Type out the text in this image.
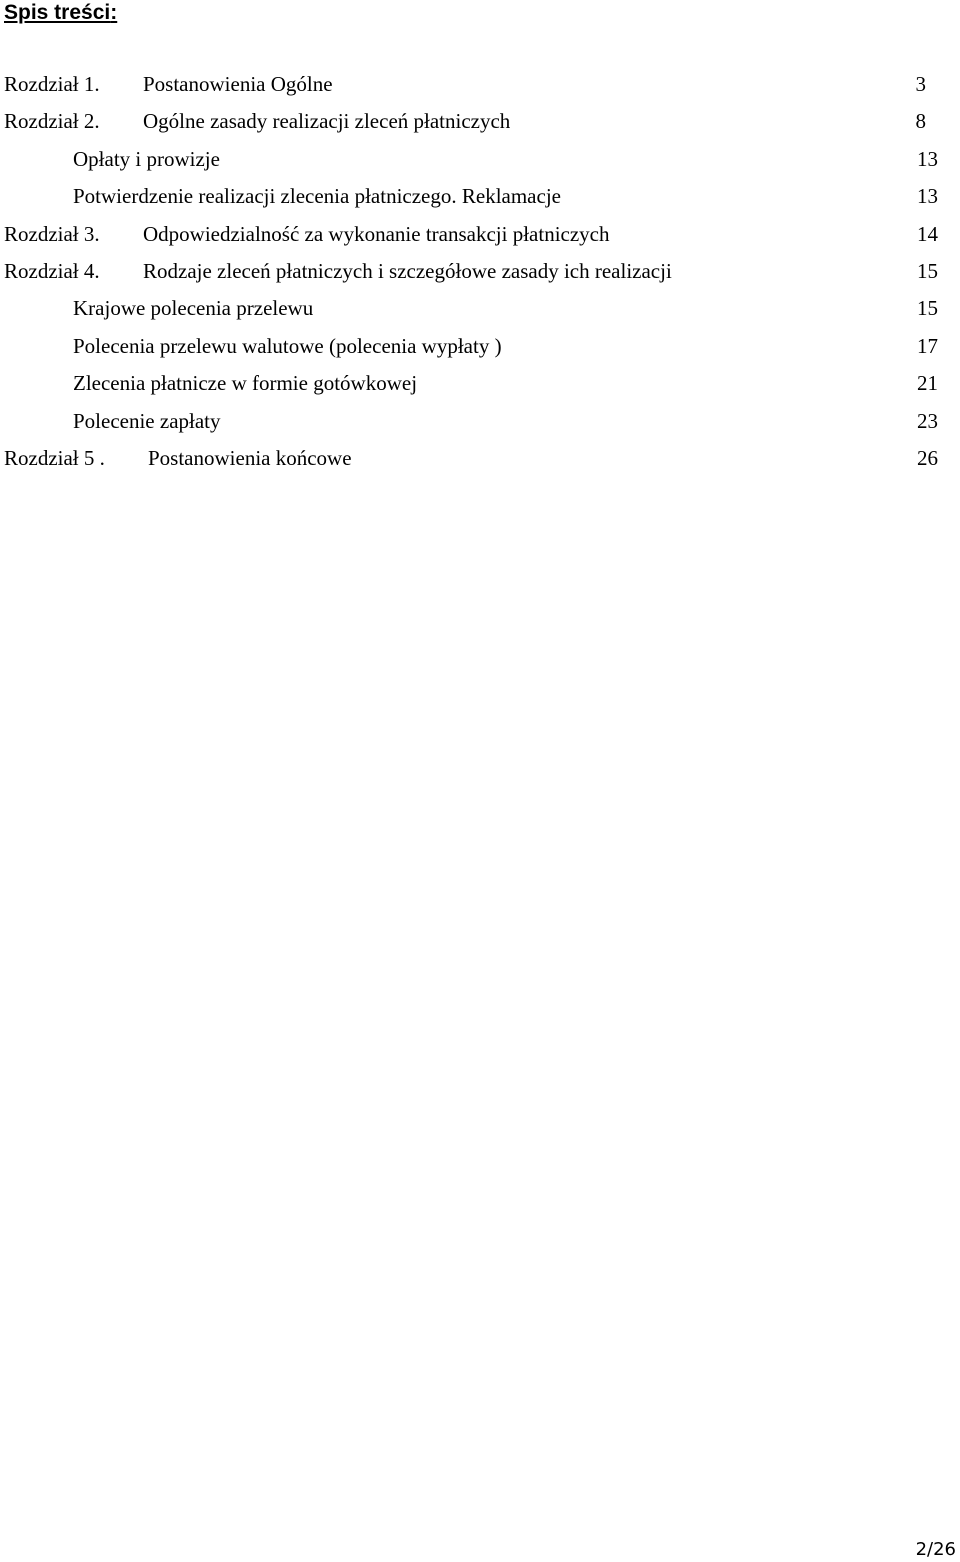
Spis treści:
Rozdział 1. Postanowienia Ogólne	3
Rozdział 2. Ogólne zasady realizacji zleceń płatniczych	8
Opłaty i prowizje	13
Potwierdzenie realizacji zlecenia płatniczego. Reklamacje	13
Rozdział 3. Odpowiedzialność za wykonanie transakcji płatniczych	14
Rozdział 4. Rodzaje zleceń płatniczych i szczegółowe zasady ich realizacji	15
Krajowe polecenia przelewu	15
Polecenia przelewu walutowe (polecenia wypłaty )	17
Zlecenia płatnicze w formie gotówkowej	21
Polecenie zapłaty	23
Rozdział 5 . Postanowienia końcowe	26
2/26
